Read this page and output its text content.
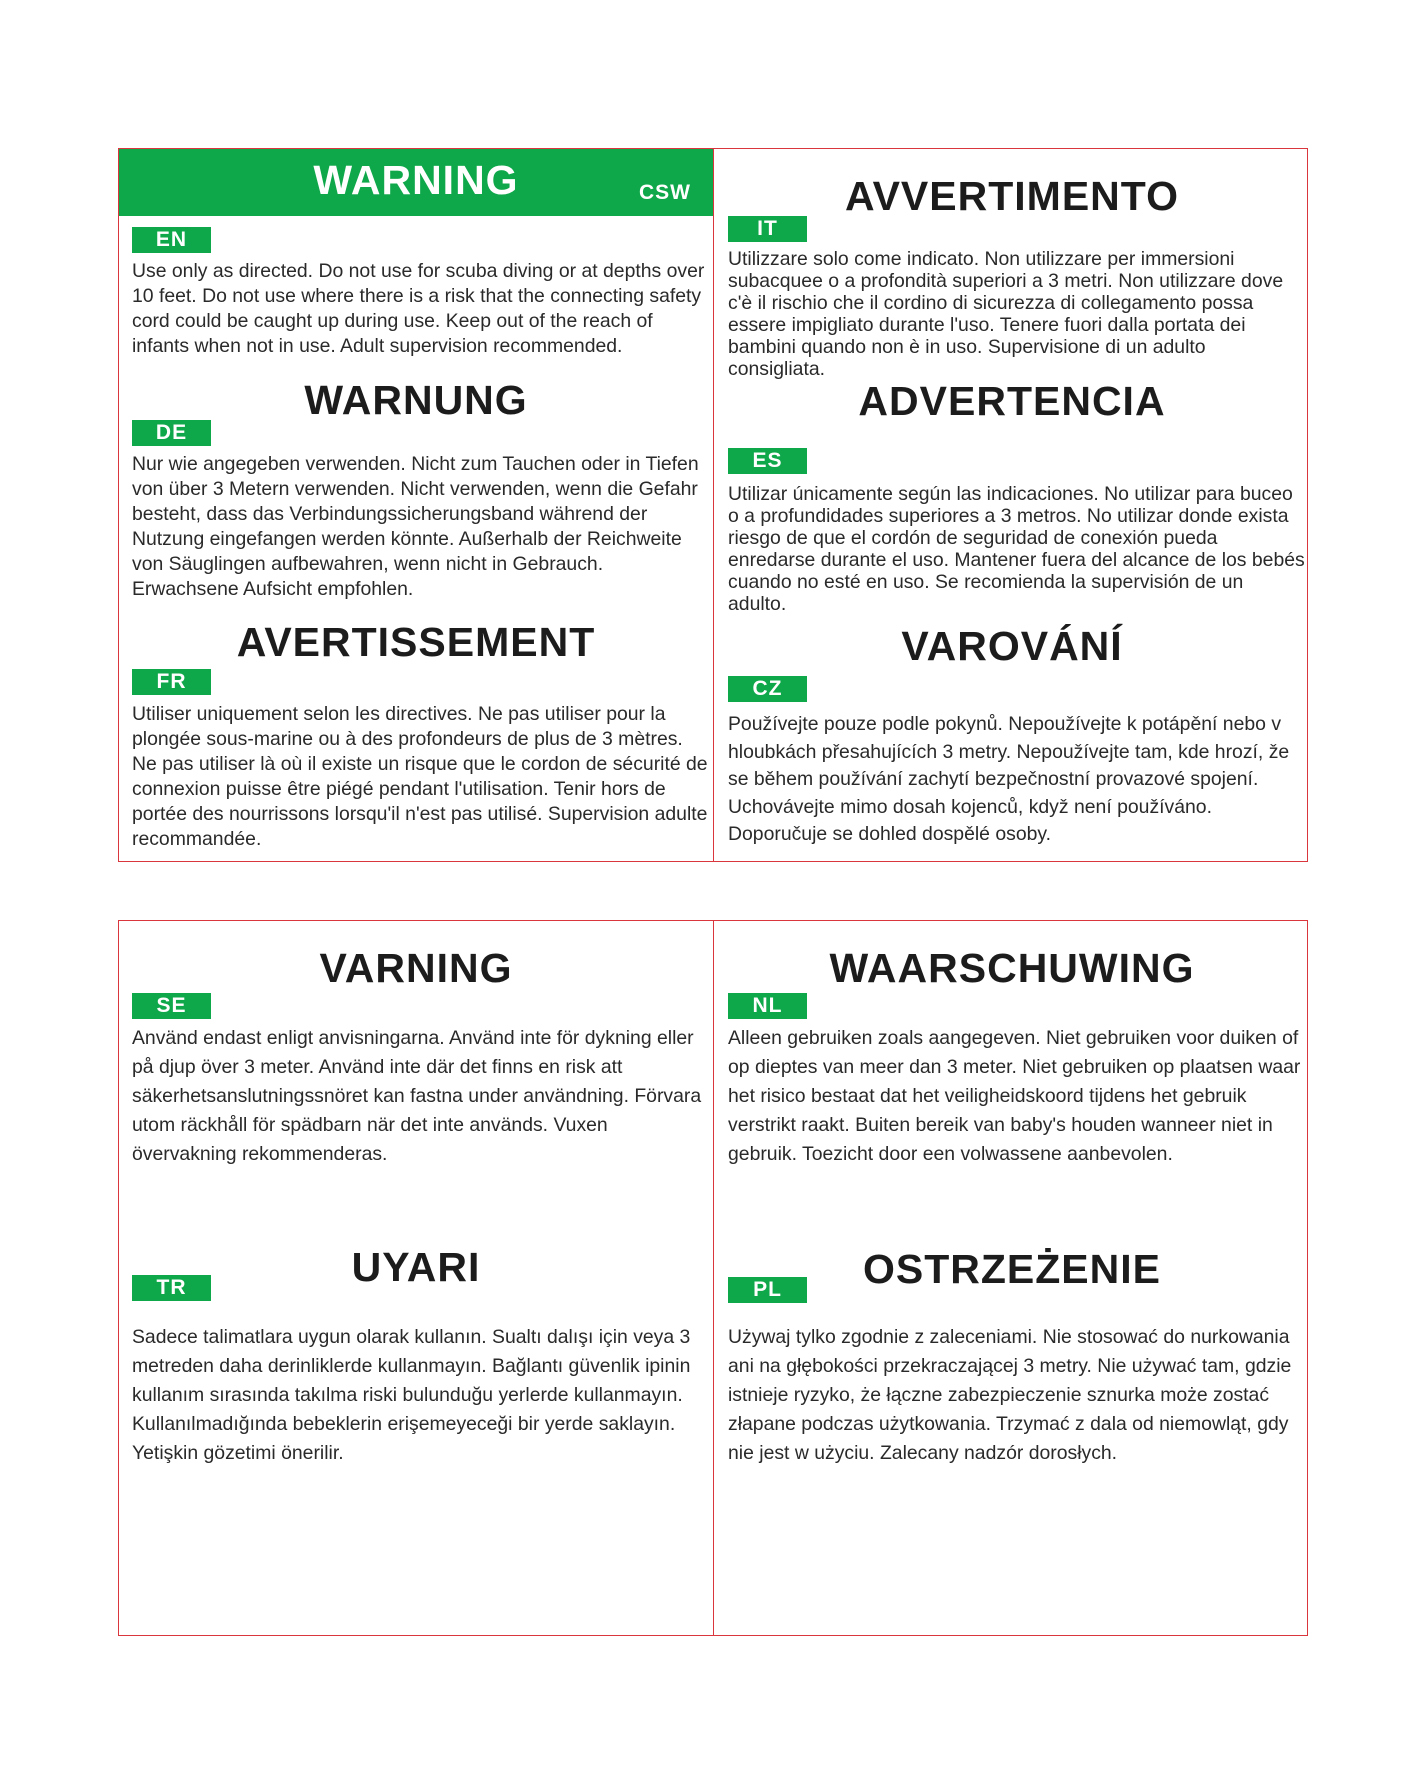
WARNING	CSW
EN
Use only as directed. Do not use for scuba diving or at depths over 10 feet. Do not use where there is a risk that the connecting safety cord could be caught up during use. Keep out of the reach of infants when not in use. Adult supervision recommended.
WARNUNG
DE
Nur wie angegeben verwenden. Nicht zum Tauchen oder in Tiefen von über 3 Metern verwenden. Nicht verwenden, wenn die Gefahr besteht, dass das Verbindungssicherungsband während der Nutzung eingefangen werden könnte. Außerhalb der Reichweite von Säuglingen aufbewahren, wenn nicht in Gebrauch. Erwachsene Aufsicht empfohlen.
AVERTISSEMENT
FR
Utiliser uniquement selon les directives. Ne pas utiliser pour la plongée sous-marine ou à des profondeurs de plus de 3 mètres. Ne pas utiliser là où il existe un risque que le cordon de sécurité de connexion puisse être piégé pendant l'utilisation. Tenir hors de portée des nourrissons lorsqu'il n'est pas utilisé. Supervision adulte recommandée.
AVVERTIMENTO
IT
Utilizzare solo come indicato. Non utilizzare per immersioni subacquee o a profondità superiori a 3 metri. Non utilizzare dove c'è il rischio che il cordino di sicurezza di collegamento possa essere impigliato durante l'uso. Tenere fuori dalla portata dei bambini quando non è in uso. Supervisione di un adulto consigliata.
ADVERTENCIA
ES
Utilizar únicamente según las indicaciones. No utilizar para buceo o a profundidades superiores a 3 metros. No utilizar donde exista riesgo de que el cordón de seguridad de conexión pueda enredarse durante el uso. Mantener fuera del alcance de los bebés cuando no esté en uso. Se recomienda la supervisión de un adulto.
VAROVÁNÍ
CZ
Používejte pouze podle pokynů. Nepoužívejte k potápění nebo v hloubkách přesahujících 3 metry. Nepoužívejte tam, kde hrozí, že se během používání zachytí bezpečnostní provazové spojení. Uchovávejte mimo dosah kojenců, když není používáno. Doporučuje se dohled dospělé osoby.
VARNING
SE
Använd endast enligt anvisningarna. Använd inte för dykning eller på djup över 3 meter. Använd inte där det finns en risk att säkerhetsanslutningssnöret kan fastna under användning. Förvara utom räckhåll för spädbarn när det inte används. Vuxen övervakning rekommenderas.
WAARSCHUWING
NL
Alleen gebruiken zoals aangegeven. Niet gebruiken voor duiken of op dieptes van meer dan 3 meter. Niet gebruiken op plaatsen waar het risico bestaat dat het veiligheidskoord tijdens het gebruik verstrikt raakt. Buiten bereik van baby's houden wanneer niet in gebruik. Toezicht door een volwassene aanbevolen.
UYARI
TR
Sadece talimatlara uygun olarak kullanın. Sualtı dalışı için veya 3 metreden daha derinliklerde kullanmayın. Bağlantı güvenlik ipinin kullanım sırasında takılma riski bulunduğu yerlerde kullanmayın. Kullanılmadığında bebeklerin erişemeyeceği bir yerde saklayın. Yetişkin gözetimi önerilir.
OSTRZEŻENIE
PL
Używaj tylko zgodnie z zaleceniami. Nie stosować do nurkowania ani na głębokości przekraczającej 3 metry. Nie używać tam, gdzie istnieje ryzyko, że łączne zabezpieczenie sznurka może zostać złapane podczas użytkowania. Trzymać z dala od niemowląt, gdy nie jest w użyciu. Zalecany nadzór dorosłych.
